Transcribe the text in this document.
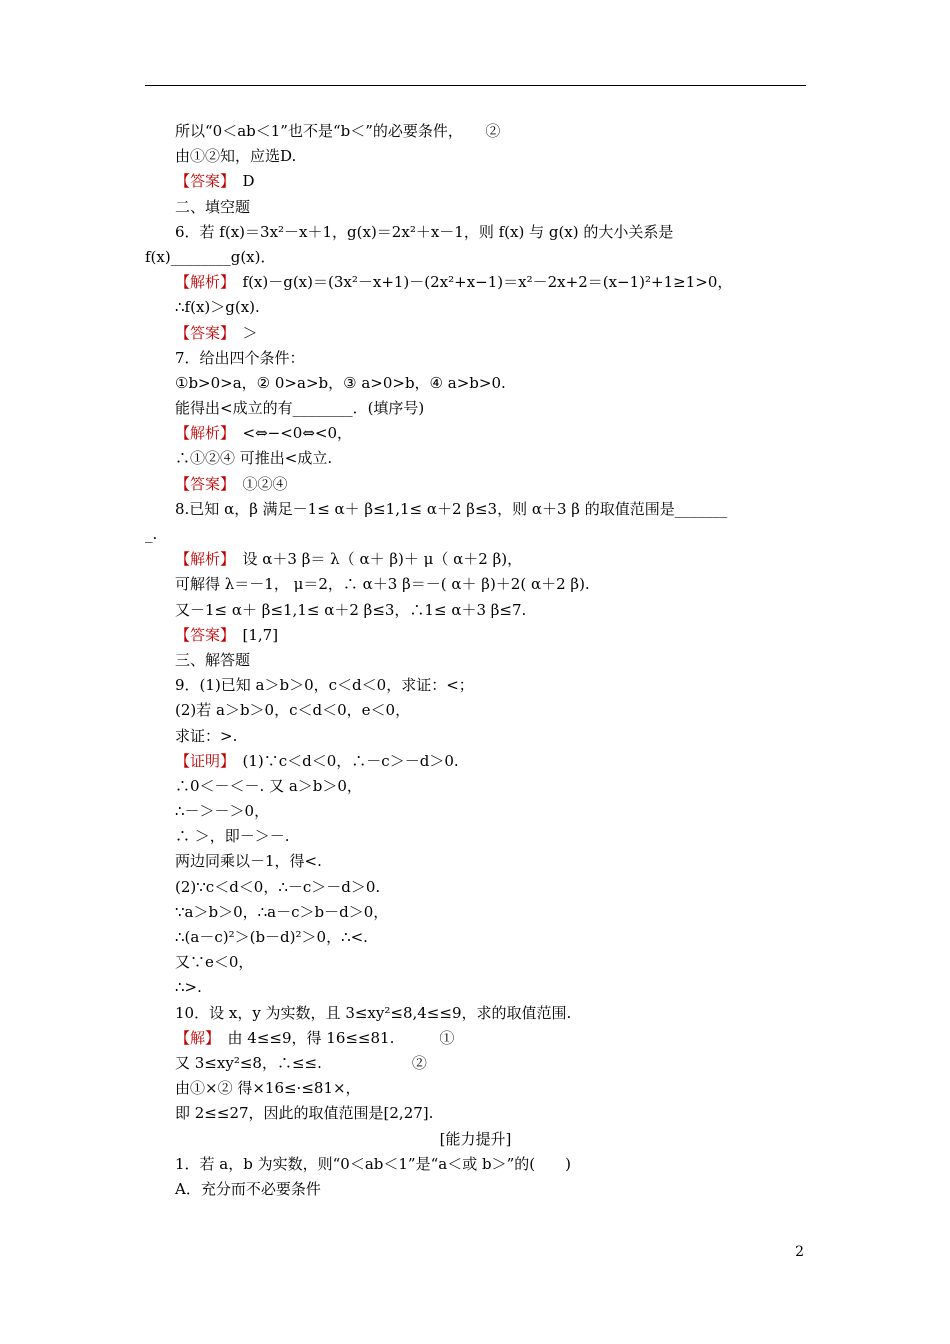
所以“0＜ab＜1”也不是“b＜”的必要条件，　　②
由①②知，应选D.
【答案】　D
二、填空题
6．若 f(x)＝3x²－x＋1，g(x)＝2x²＋x－1，则 f(x) 与 g(x) 的大小关系是
f(x)________g(x)．
【解析】　f(x)－g(x)＝(3x²－x+1)－(2x²+x−1)＝x²－2x+2＝(x−1)²+1≥1>0，
∴f(x)＞g(x).
【答案】　＞
7．给出四个条件：
①b>0>a，② 0>a>b，③ a>0>b，④ a>b>0.
能得出<成立的有________．(填序号)
【解析】　<⇔−<0⇔<0，
∴①②④ 可推出<成立.
【答案】　①②④
8.已知 α，β 满足－1≤ α＋ β≤1,1≤ α＋2 β≤3，则 α＋3 β 的取值范围是_______
_.
【解析】　设 α＋3 β＝ λ（ α＋ β)＋ μ（ α＋2 β)，
可解得 λ＝－1， μ＝2，∴ α＋3 β＝－( α＋ β)＋2( α＋2 β).
又－1≤ α＋ β≤1,1≤ α＋2 β≤3，∴1≤ α＋3 β≤7.
【答案】　[1,7]
三、解答题
9．(1)已知 a＞b＞0，c＜d＜0，求证：<；
(2)若 a＞b＞0，c＜d＜0，e＜0，
求证：>.
【证明】　(1)∵c＜d＜0，∴－c＞－d＞0.
∴0＜－＜－. 又 a＞b＞0，
∴－＞－＞0，
∴ ＞，即－＞－.
两边同乘以－1，得<.
(2)∵c＜d＜0，∴－c＞－d＞0.
∵a＞b＞0，∴a－c＞b－d＞0，
∴(a－c)²＞(b－d)²＞0，∴<.
又∵e＜0，
∴>.
10．设 x，y 为实数，且 3≤xy²≤8,4≤≤9，求的取值范围.
【解】　由 4≤≤9，得 16≤≤81.　　　①
又 3≤xy²≤8，∴≤≤.　　　　　　②
由①×② 得×16≤·≤81×，
即 2≤≤27，因此的取值范围是[2,27].
[能力提升]
1．若 a，b 为实数，则“0＜ab＜1”是“a＜或 b＞”的(　　)
A．充分而不必要条件
2
